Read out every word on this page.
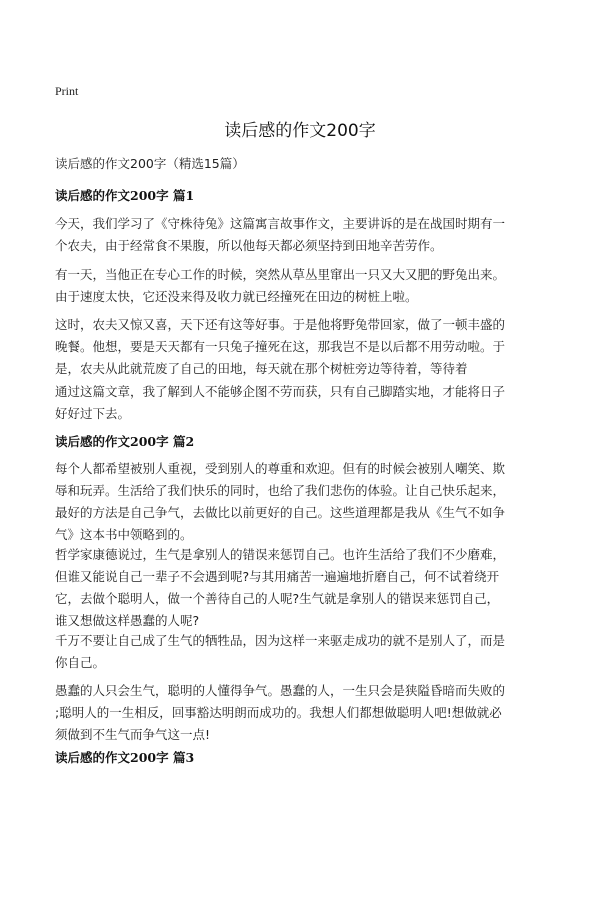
Print
读后感的作文200字
读后感的作文200字（精选15篇）
读后感的作文200字 篇1
今天，我们学习了《守株待兔》这篇寓言故事作文，主要讲诉的是在战国时期有一
个农夫，由于经常食不果腹，所以他每天都必须坚持到田地辛苦劳作。
有一天，当他正在专心工作的时候，突然从草丛里窜出一只又大又肥的野兔出来。
由于速度太快，它还没来得及收力就已经撞死在田边的树桩上啦。
这时，农夫又惊又喜，天下还有这等好事。于是他将野兔带回家，做了一顿丰盛的
晚餐。他想，要是天天都有一只兔子撞死在这，那我岂不是以后都不用劳动啦。于
是，农夫从此就荒废了自己的田地，每天就在那个树桩旁边等待着，等待着
通过这篇文章，我了解到人不能够企图不劳而获，只有自己脚踏实地，才能将日子
好好过下去。
读后感的作文200字 篇2
每个人都希望被别人重视，受到别人的尊重和欢迎。但有的时候会被别人嘲笑、欺
辱和玩弄。生活给了我们快乐的同时，也给了我们悲伤的体验。让自己快乐起来，
最好的方法是自己争气，去做比以前更好的自己。这些道理都是我从《生气不如争
气》这本书中领略到的。
哲学家康德说过，生气是拿别人的错误来惩罚自己。也许生活给了我们不少磨难，
但谁又能说自己一辈子不会遇到呢?与其用痛苦一遍遍地折磨自己，何不试着绕开
它，去做个聪明人，做一个善待自己的人呢?生气就是拿别人的错误来惩罚自己，
谁又想做这样愚蠢的人呢?
千万不要让自己成了生气的牺牲品，因为这样一来驱走成功的就不是别人了，而是
你自己。
愚蠢的人只会生气，聪明的人懂得争气。愚蠢的人，一生只会是狭隘昏暗而失败的
;聪明人的一生相反，回事豁达明朗而成功的。我想人们都想做聪明人吧!想做就必
须做到不生气而争气这一点!
读后感的作文200字 篇3
